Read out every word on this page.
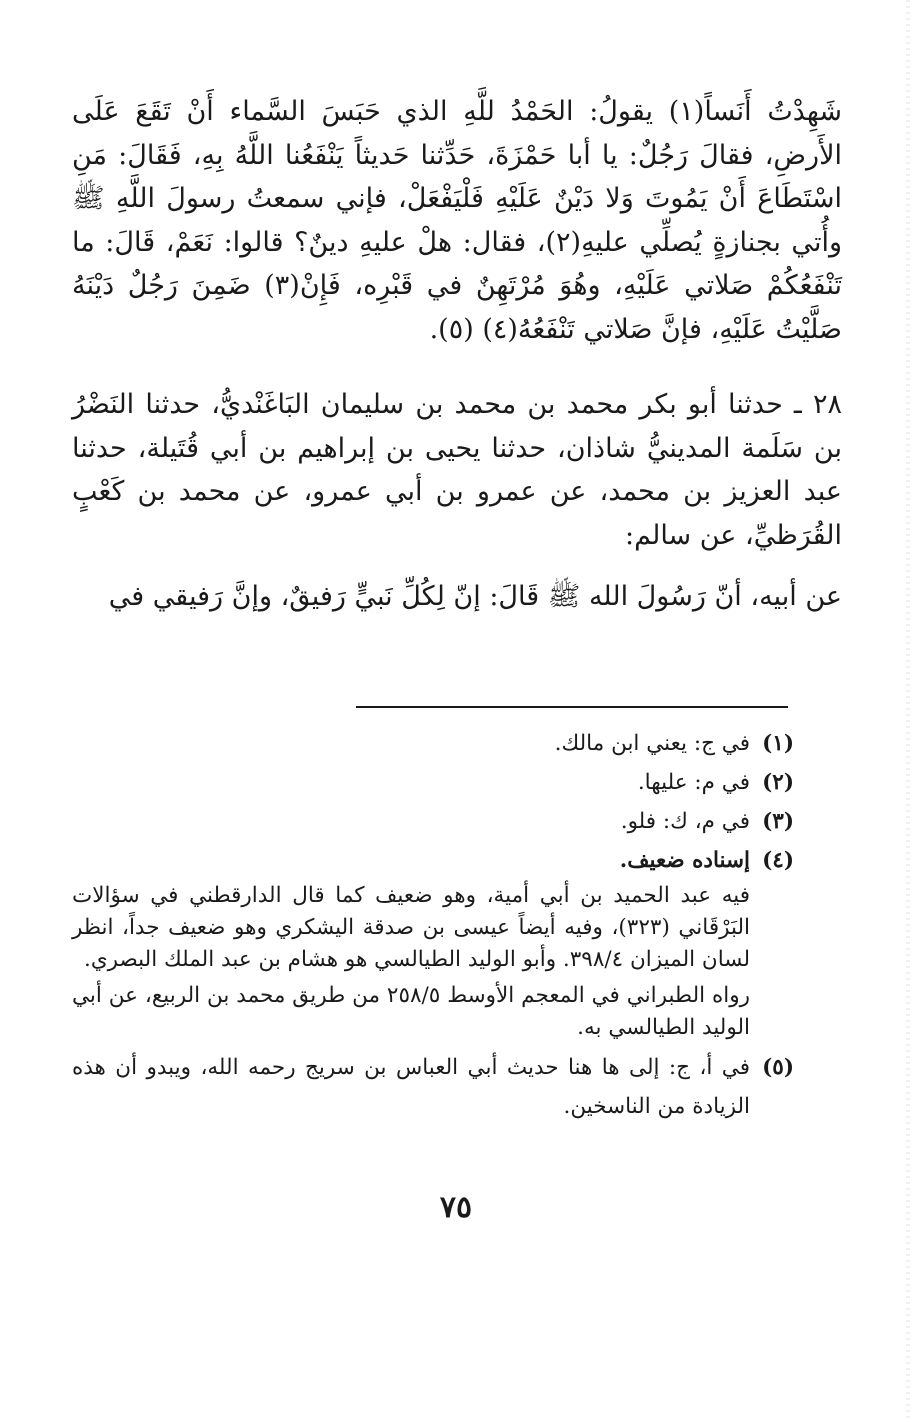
شَهِدْتُ أَنَساً(١) يقولُ: الحَمْدُ للَّهِ الذي حَبَسَ السَّماء أَنْ تَقَعَ عَلَى الأَرضِ، فقالَ رَجُلٌ: يا أبا حَمْزَةَ، حَدِّثنا حَديثاً يَنْفَعُنا اللَّهُ بِهِ، فَقَالَ: مَنِ اسْتَطَاعَ أَنْ يَمُوتَ وَلا دَيْنٌ عَلَيْهِ فَلْيَفْعَلْ، فإني سمعتُ رسولَ اللَّهِ ﷺ وأُتي بجنازةٍ يُصلِّي عليهِ(٢)، فقال: هلْ عليهِ دينٌ؟ قالوا: نَعَمْ، قَالَ: ما تَنْفَعُكُمْ صَلاتي عَلَيْهِ، وهُوَ مُرْتَهِنٌ في قَبْرِه، فَإِنْ(٣) ضَمِنَ رَجُلٌ دَيْنَهُ صَلَّيْتُ عَلَيْهِ، فإنَّ صَلاتي تَنْفَعُهُ(٤) (٥).

٢٨ ـ حدثنا أبو بكر محمد بن محمد بن سليمان البَاغَنْديُّ، حدثنا النَضْرُ بن سَلَمة المدينيُّ شاذان، حدثنا يحيى بن إبراهيم بن أبي قُتَيلة، حدثنا عبد العزيز بن محمد، عن عمرو بن أبي عمرو، عن محمد بن كَعْبٍ القُرَظيِّ، عن سالم:

عن أبيه، أنّ رَسُولَ الله ﷺ قَالَ: إنّ لِكُلِّ نَبيٍّ رَفيقٌ، وإنَّ رَفيقي في

(١)
في ج: يعني ابن مالك.
(٢)
في م: عليها.
(٣)
في م، ك: فلو.
(٤)
إسناده ضعيف.
فيه عبد الحميد بن أبي أمية، وهو ضعيف كما قال الدارقطني في سؤالات البَرْقَاني (٣٢٣)، وفيه أيضاً عيسى بن صدقة اليشكري وهو ضعيف جداً، انظر لسان الميزان ٣٩٨/٤. وأبو الوليد الطيالسي هو هشام بن عبد الملك البصري.
رواه الطبراني في المعجم الأوسط ٢٥٨/٥ من طريق محمد بن الربيع، عن أبي الوليد الطيالسي به.
(٥)
في أ، ج: إلى ها هنا حديث أبي العباس بن سريج رحمه الله، ويبدو أن هذه الزيادة من الناسخين.
٧٥
